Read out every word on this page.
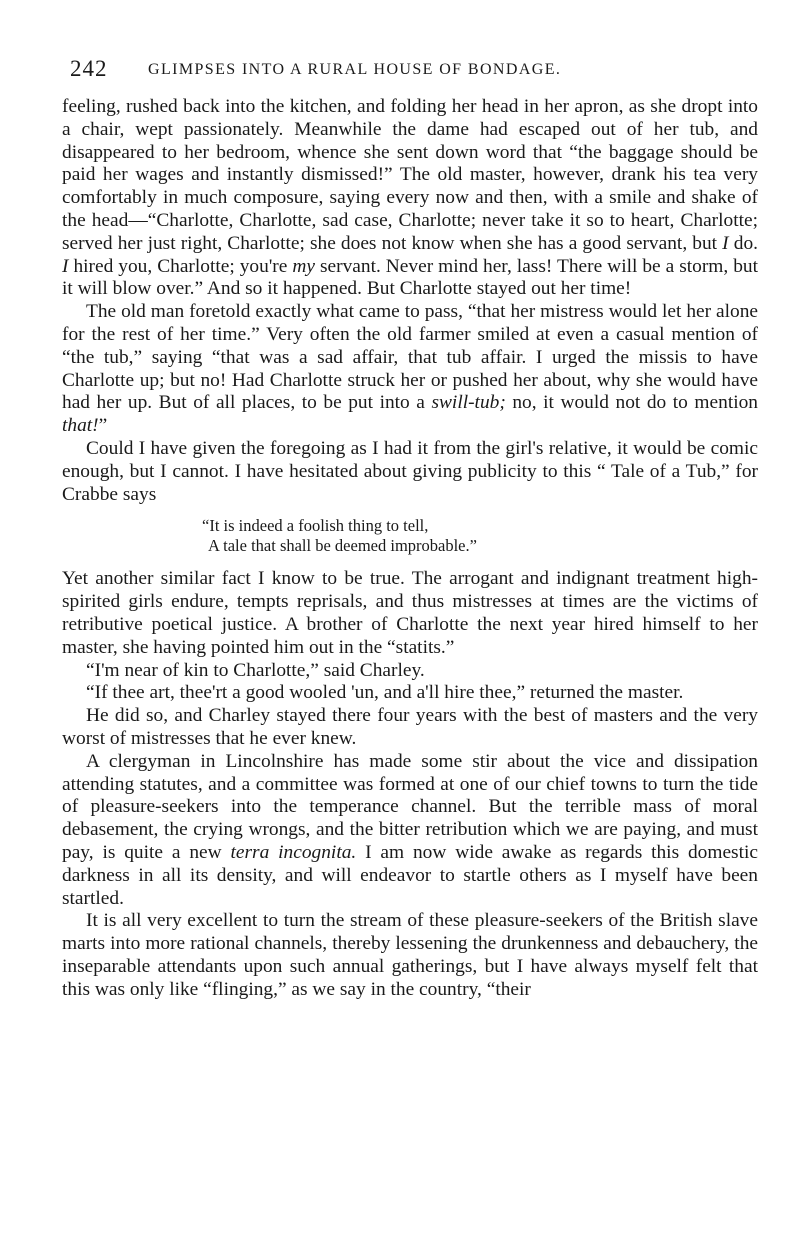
242	GLIMPSES INTO A RURAL HOUSE OF BONDAGE.

feeling, rushed back into the kitchen, and folding her head in her apron, as she dropt into a chair, wept passionately. Meanwhile the dame had escaped out of her tub, and disappeared to her bedroom, whence she sent down word that “the baggage should be paid her wages and instantly dismissed!” The old master, however, drank his tea very comfortably in much composure, saying every now and then, with a smile and shake of the head—“Charlotte, Charlotte, sad case, Charlotte; never take it so to heart, Charlotte; served her just right, Charlotte; she does not know when she has a good servant, but I do. I hired you, Charlotte; you're my servant. Never mind her, lass! There will be a storm, but it will blow over.” And so it happened. But Charlotte stayed out her time!

The old man foretold exactly what came to pass, “that her mistress would let her alone for the rest of her time.” Very often the old farmer smiled at even a casual mention of “the tub,” saying “that was a sad affair, that tub affair. I urged the missis to have Charlotte up; but no! Had Charlotte struck her or pushed her about, why she would have had her up. But of all places, to be put into a swill-tub; no, it would not do to mention that!”

Could I have given the foregoing as I had it from the girl's relative, it would be comic enough, but I cannot. I have hesitated about giving publicity to this “ Tale of a Tub,” for Crabbe says

“It is indeed a foolish thing to tell,
A tale that shall be deemed improbable.”

Yet another similar fact I know to be true. The arrogant and indignant treatment high-spirited girls endure, tempts reprisals, and thus mistresses at times are the victims of retributive poetical justice. A brother of Charlotte the next year hired himself to her master, she having pointed him out in the “statits.”

“I'm near of kin to Charlotte,” said Charley.

“If thee art, thee'rt a good wooled 'un, and a'll hire thee,” returned the master.

He did so, and Charley stayed there four years with the best of masters and the very worst of mistresses that he ever knew.

A clergyman in Lincolnshire has made some stir about the vice and dissipation attending statutes, and a committee was formed at one of our chief towns to turn the tide of pleasure-seekers into the temperance channel. But the terrible mass of moral debasement, the crying wrongs, and the bitter retribution which we are paying, and must pay, is quite a new terra incognita. I am now wide awake as regards this domestic darkness in all its density, and will endeavor to startle others as I myself have been startled.

It is all very excellent to turn the stream of these pleasure-seekers of the British slave marts into more rational channels, thereby lessening the drunkenness and debauchery, the inseparable attendants upon such annual gatherings, but I have always myself felt that this was only like “flinging,” as we say in the country, “their
